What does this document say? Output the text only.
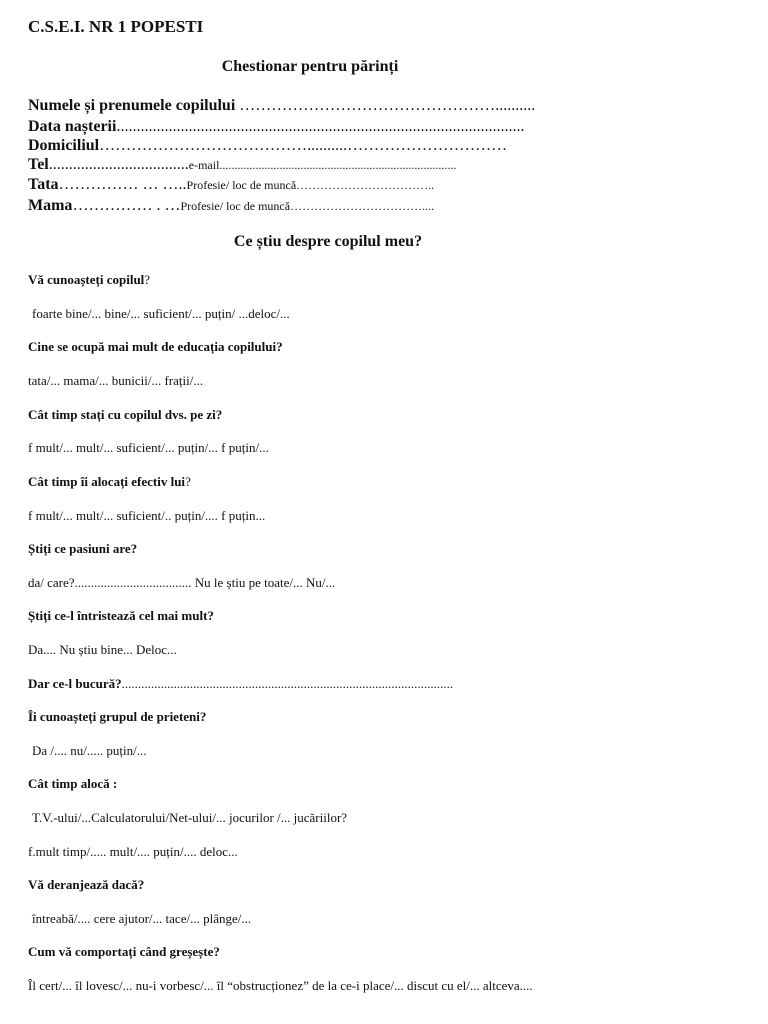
C.S.E.I. NR 1 POPESTI
Chestionar pentru părinți
Numele și prenumele copilului …………………………………………..........
Data nașterii......................................................................................................
Domiciliul…………………………………..........…………………………
Tel...................................e-mail...............................................................................
Tata…………… … …..Profesie/ loc de muncă……………………………..
Mama…………… . …Profesie/ loc de muncă……………………………....
Ce știu despre copilul meu?
Vă cunoașteți copilul?
foarte bine/... bine/... suficient/... puțin/ ...deloc/...
Cine se ocupă mai mult de educația copilului?
tata/... mama/... bunicii/... frații/...
Cât timp stați cu copilul dvs. pe zi?
f mult/... mult/... suficient/... puțin/... f puțin/...
Cât timp îi alocați efectiv lui?
f mult/... mult/... suficient/.. puțin/.... f puțin...
Știți ce pasiuni are?
da/ care?.................................... Nu le știu pe toate/... Nu/...
Știți ce-l întristează cel mai mult?
Da.... Nu știu bine... Deloc...
Dar ce-l bucură?......................................................................................................
Îi cunoașteți grupul de prieteni?
Da /.... nu/..... puțin/...
Cât timp alocă :
T.V.-ului/...Calculatorului/Net-ului/... jocurilor /... jucăriilor?
f.mult timp/..... mult/.... puțin/.... deloc...
Vă deranjează dacă?
întreabă/.... cere ajutor/... tace/... plânge/...
Cum vă comportați când greșește?
Îl cert/... îl lovesc/... nu-i vorbesc/... îl “obstrucționez” de la ce-i place/... discut cu el/... altceva....
